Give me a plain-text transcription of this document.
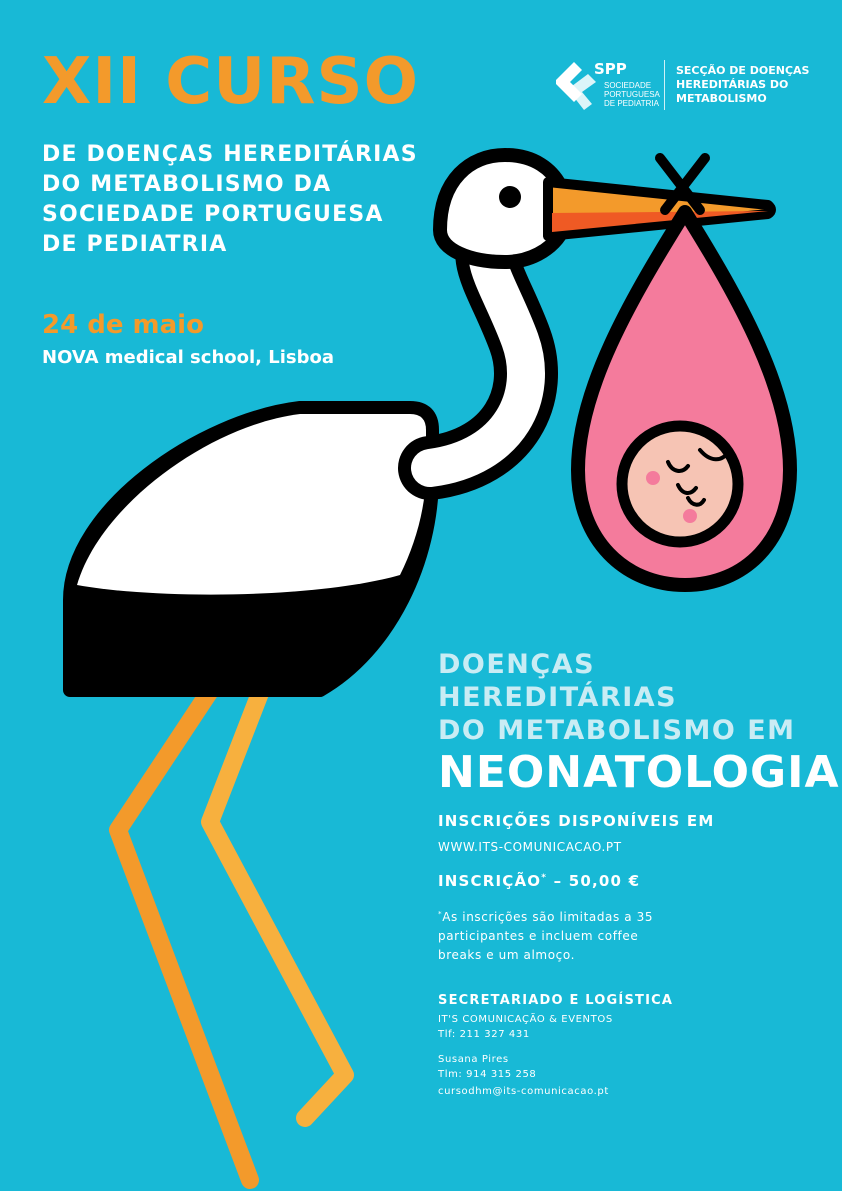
XII CURSO
DE DOENÇAS HEREDITÁRIAS
DO METABOLISMO DA
SOCIEDADE PORTUGUESA
DE PEDIATRIA
24 de maio
NOVA medical school, Lisboa
SPP
SOCIEDADE
PORTUGUESA
DE PEDIATRIA
SECÇÃO DE DOENÇAS
HEREDITÁRIAS DO
METABOLISMO
DOENÇAS HEREDITÁRIAS
DO METABOLISMO EM
NEONATOLOGIA
INSCRIÇÕES DISPONÍVEIS EM
WWW.ITS-COMUNICACAO.PT
INSCRIÇÃO* – 50,00 €
*As inscrições são limitadas a 35
participantes e incluem coffee
breaks e um almoço.
SECRETARIADO E LOGÍSTICA
IT'S COMUNICAÇÃO & EVENTOS
Tlf: 211 327 431
Susana Pires
Tlm: 914 315 258
cursodhm@its-comunicacao.pt
